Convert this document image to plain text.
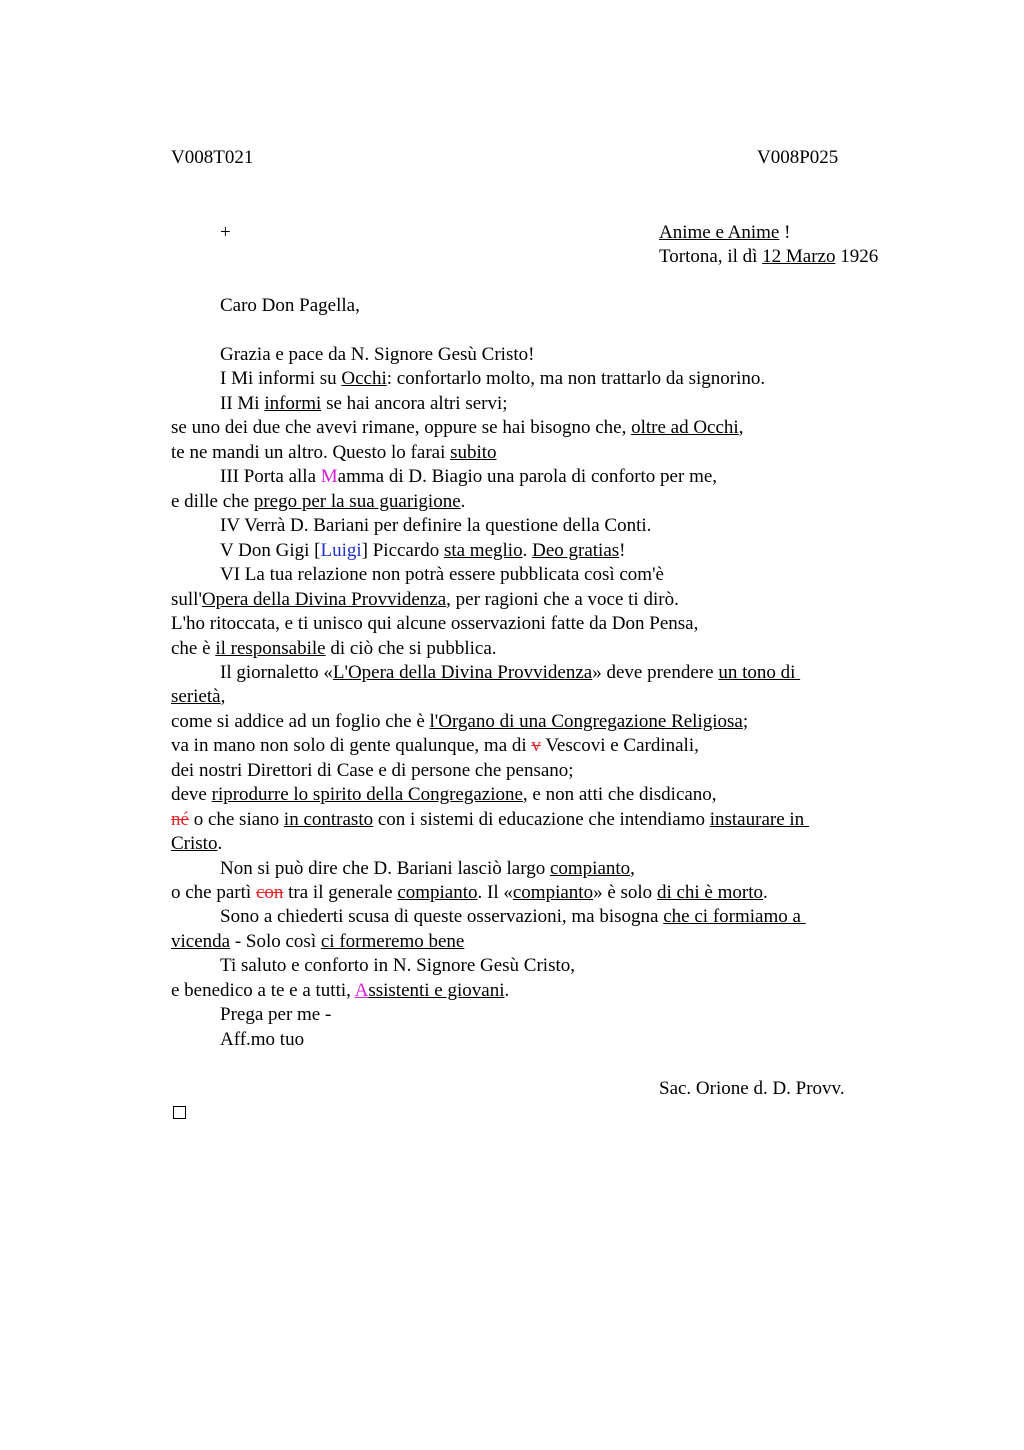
V008T021	V008P025
+	Anime e Anime !
Tortona, il dì 12 Marzo 1926
Caro Don Pagella,
Grazia e pace da N. Signore Gesù Cristo!
I Mi informi su Occhi: confortarlo molto, ma non trattarlo da signorino.
II Mi informi se hai ancora altri servi;
se uno dei due che avevi rimane, oppure se hai bisogno che, oltre ad Occhi,
te ne mandi un altro. Questo lo farai subito
III Porta alla Mamma di D. Biagio una parola di conforto per me,
e dille che prego per la sua guarigione.
IV Verrà D. Bariani per definire la questione della Conti.
V Don Gigi [Luigi] Piccardo sta meglio. Deo gratias!
VI La tua relazione non potrà essere pubblicata così com'è
sull'Opera della Divina Provvidenza, per ragioni che a voce ti dirò.
L'ho ritoccata, e ti unisco qui alcune osservazioni fatte da Don Pensa,
che è il responsabile di ciò che si pubblica.
Il giornaletto «L'Opera della Divina Provvidenza» deve prendere un tono di
serietà,
come si addice ad un foglio che è l'Organo di una Congregazione Religiosa;
va in mano non solo di gente qualunque, ma di v Vescovi e Cardinali,
dei nostri Direttori di Case e di persone che pensano;
deve riprodurre lo spirito della Congregazione, e non atti che disdicano,
né o che siano in contrasto con i sistemi di educazione che intendiamo instaurare in
Cristo.
Non si può dire che D. Bariani lasciò largo compianto,
o che partì con tra il generale compianto. Il «compianto» è solo di chi è morto.
Sono a chiederti scusa di queste osservazioni, ma bisogna che ci formiamo a
vicenda - Solo così ci formeremo bene
Ti saluto e conforto in N. Signore Gesù Cristo,
e benedico a te e a tutti, Assistenti e giovani.
Prega per me -
Aff.mo tuo
Sac. Orione d. D. Provv.
